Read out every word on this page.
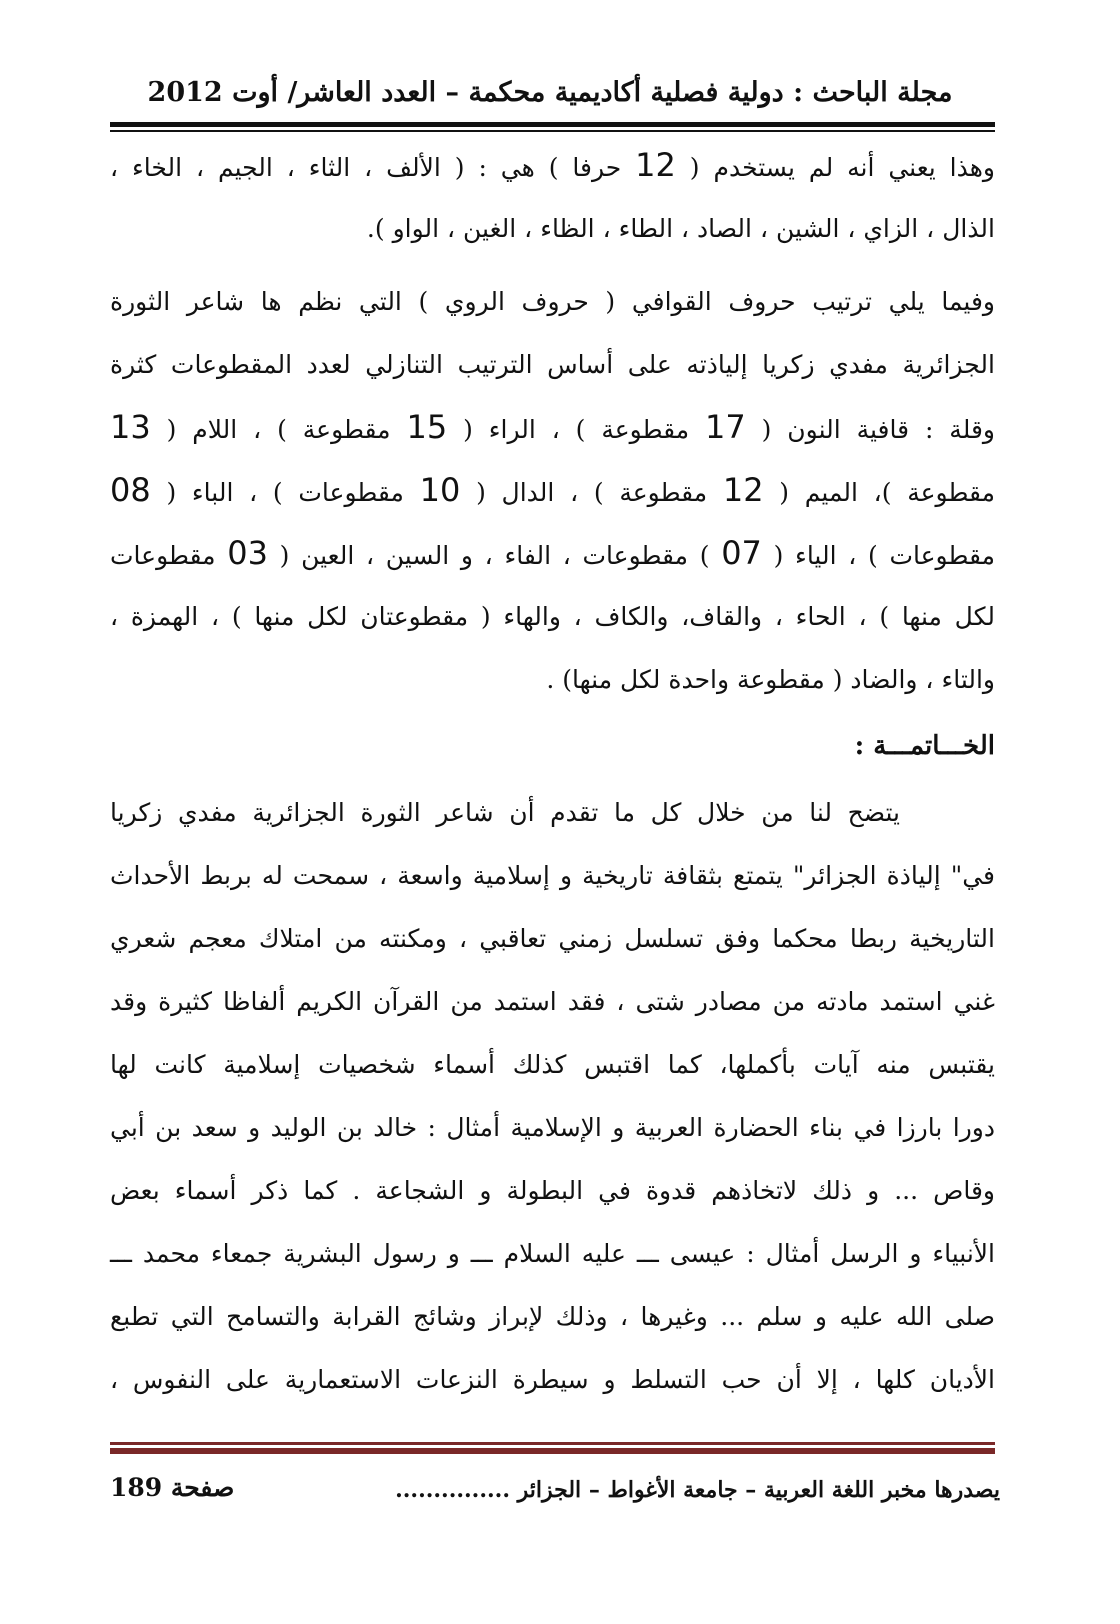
مجلة الباحث : دولية فصلية أكاديمية محكمة – العدد العاشر/ أوت 2012
وهذا يعني أنه لم يستخدم ( 12 حرفا ) هي : ( الألف ، الثاء ، الجيم ، الخاء ،
الذال ، الزاي ، الشين ، الصاد ، الطاء ، الظاء ، الغين ، الواو ).
وفيما يلي ترتيب حروف القوافي ( حروف الروي ) التي نظم ها شاعر الثورة
الجزائرية مفدي زكريا إلياذته على أساس الترتيب التنازلي لعدد المقطوعات كثرة
وقلة : قافية النون ( 17 مقطوعة ) ، الراء ( 15 مقطوعة ) ، اللام ( 13
مقطوعة )، الميم ( 12 مقطوعة ) ، الدال ( 10 مقطوعات ) ، الباء ( 08
مقطوعات ) ، الياء ( 07 ) مقطوعات ، الفاء ، و السين ، العين ( 03 مقطوعات
لكل منها ) ، الحاء ، والقاف، والكاف ، والهاء ( مقطوعتان لكل منها ) ، الهمزة ،
والتاء ، والضاد ( مقطوعة واحدة لكل منها) .
الخـــاتمـــة :
يتضح لنا من خلال كل ما تقدم أن شاعر الثورة الجزائرية مفدي زكريا
في" إلياذة الجزائر" يتمتع بثقافة تاريخية و إسلامية واسعة ، سمحت له بربط الأحداث
التاريخية ربطا محكما وفق تسلسل زمني تعاقبي ، ومكنته من امتلاك معجم شعري
غني استمد مادته من مصادر شتى ، فقد استمد من القرآن الكريم ألفاظا كثيرة وقد
يقتبس منه آيات بأكملها، كما اقتبس كذلك أسماء شخصيات إسلامية كانت لها
دورا بارزا في بناء الحضارة العربية و الإسلامية أمثال : خالد بن الوليد و سعد بن أبي
وقاص ... و ذلك لاتخاذهم قدوة في البطولة و الشجاعة . كما ذكر أسماء بعض
الأنبياء و الرسل أمثال : عيسى ـــ عليه السلام ـــ و رسول البشرية جمعاء محمد ـــ
صلى الله عليه و سلم ... وغيرها ، وذلك لإبراز وشائج القرابة والتسامح التي تطبع
الأديان كلها ، إلا أن حب التسلط و سيطرة النزعات الاستعمارية على النفوس ،
يصدرها مخبر اللغة العربية – جامعة الأغواط – الجزائر ...............
صفحة 189
